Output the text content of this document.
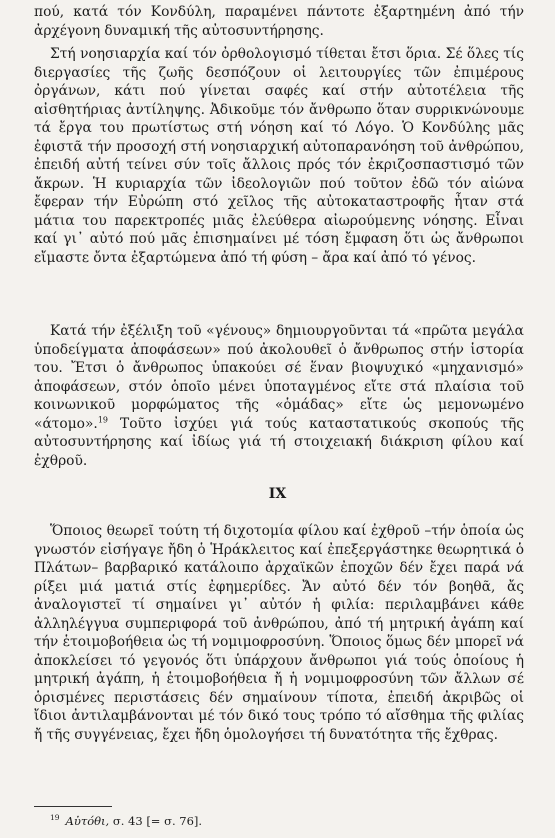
πού, κατά τόν Κονδύλη, παραμένει πάντοτε ἐξαρτημένη ἀπό τήν ἀρχέγονη δυναμική τῆς αὐτοσυντήρησης.

Στή νοησιαρχία καί τόν ὀρθολογισμό τίθεται ἔτσι ὅρια. Σέ ὅλες τίς διεργασίες τῆς ζωῆς δεσπόζουν οἱ λειτουργίες τῶν ἐπιμέρους ὀργάνων, κάτι πού γίνεται σαφές καί στήν αὐτοτέλεια τῆς αἰσθητήριας ἀντίληψης. Ἀδικοῦμε τόν ἄνθρωπο ὅταν συρρικνώνουμε τά ἔργα του πρωτίστως στή νόηση καί τό Λόγο. Ὁ Κονδύλης μᾶς ἐφιστᾶ τήν προσοχή στή νοησιαρχική αὐτοπαρανόηση τοῦ ἀνθρώπου, ἐπειδή αὐτή τείνει σύν τοῖς ἄλλοις πρός τόν ἐκριζοσπαστισμό τῶν ἄκρων. Ἡ κυριαρχία τῶν ἰδεολογιῶν πού τοῦτον ἐδῶ τόν αἰώνα ἔφεραν τήν Εὐρώπη στό χεῖλος τῆς αὐτοκαταστροφῆς ἦταν στά μάτια του παρεκτροπές μιᾶς ἐλεύθερα αἰωρούμενης νόησης. Εἶναι καί γι᾿ αὐτό πού μᾶς ἐπισημαίνει μέ τόση ἔμφαση ὅτι ὡς ἄνθρωποι εἴμαστε ὄντα ἐξαρτώμενα ἀπό τή φύση – ἄρα καί ἀπό τό γένος.

Κατά τήν ἐξέλιξη τοῦ «γένους» δημιουργοῦνται τά «πρῶτα μεγάλα ὑποδείγματα ἀποφάσεων» πού ἀκολουθεῖ ὁ ἄνθρωπος στήν ἱστορία του. Ἔτσι ὁ ἄνθρωπος ὑπακούει σέ ἕναν βιοψυχικό «μηχανισμό» ἀποφάσεων, στόν ὁποῖο μένει ὑποταγμένος εἴτε στά πλαίσια τοῦ κοινωνικοῦ μορφώματος τῆς «ὁμάδας» εἴτε ὡς μεμονωμένο «άτομο».$^{19}$ Τοῦτο ἰσχύει γιά τούς καταστατικούς σκοπούς τῆς αὐτοσυντήρησης καί ἰδίως γιά τή στοιχειακή διάκριση φίλου καί ἐχθροῦ.

IX

Ὅποιος θεωρεῖ τούτη τή διχοτομία φίλου καί ἐχθροῦ –τήν ὁποία ὡς γνωστόν εἰσήγαγε ἤδη ὁ Ἡράκλειτος καί ἐπεξεργάστηκε θεωρητικά ὁ Πλάτων– βαρβαρικό κατάλοιπο ἀρχαϊκῶν ἐποχῶν δέν ἔχει παρά νά ρίξει μιά ματιά στίς ἐφημερίδες. Ἄν αὐτό δέν τόν βοηθᾶ, ἄς ἀναλογιστεῖ τί σημαίνει γι᾿ αὐτόν ἡ φιλία: περιλαμβάνει κάθε ἀλληλέγγυα συμπεριφορά τοῦ ἀνθρώπου, ἀπό τή μητρική ἀγάπη καί τήν ἑτοιμοβοήθεια ὡς τή νομιμοφροσύνη. Ὅποιος ὅμως δέν μπορεῖ νά ἀποκλείσει τό γεγονός ὅτι ὑπάρχουν ἄνθρωποι γιά τούς ὁποίους ἡ μητρική ἀγάπη, ἡ ἑτοιμοβοήθεια ἤ ἡ νομιμοφροσύνη τῶν ἄλλων σέ ὁρισμένες περιστάσεις δέν σημαίνουν τίποτα, ἐπειδή ἀκριβῶς οἱ ἴδιοι ἀντιλαμβάνονται μέ τόν δικό τους τρόπο τό αἴσθημα τῆς φιλίας ἤ τῆς συγγένειας, ἔχει ἤδη ὁμολογήσει τή δυνατότητα τῆς ἔχθρας.

$^{19}$ Αὐτόθι, σ. 43 [= σ. 76].
